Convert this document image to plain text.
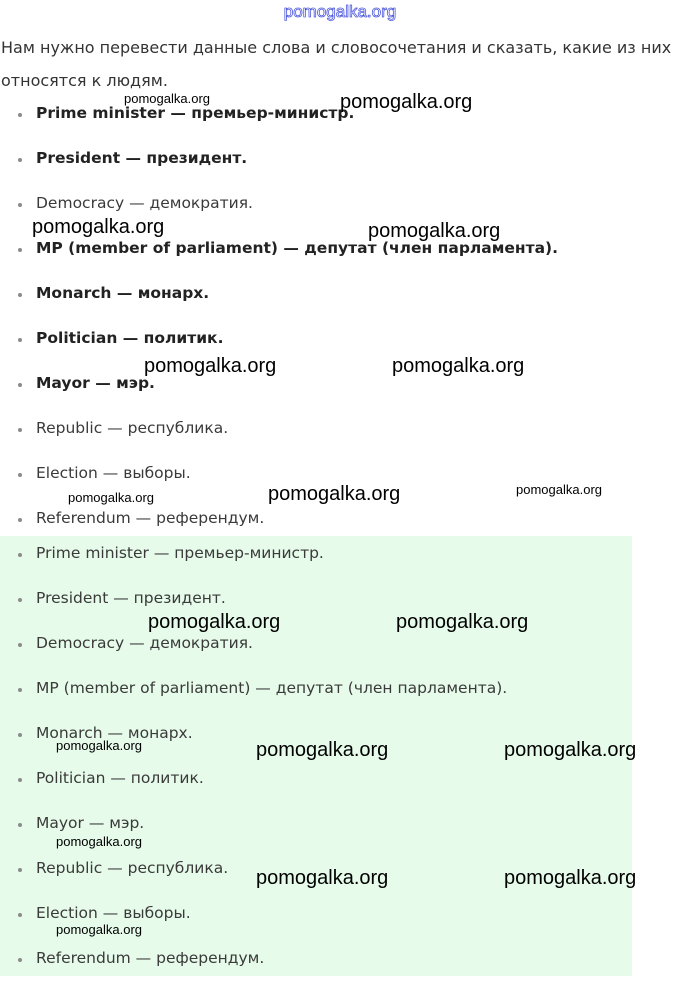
pomogalka.org
Нам нужно перевести данные слова и словосочетания и сказать, какие из них относятся к людям.
Prime minister — премьер-министр.
President — президент.
Democracy — демократия.
MP (member of parliament) — депутат (член парламента).
Monarch — монарх.
Politician — политик.
Mayor — мэр.
Republic — республика.
Election — выборы.
Referendum — референдум.
Prime minister — премьер-министр.
President — президент.
Democracy — демократия.
MP (member of parliament) — депутат (член парламента).
Monarch — монарх.
Politician — политик.
Mayor — мэр.
Republic — республика.
Election — выборы.
Referendum — референдум.
pomogalka.org	pomogalka.org
pomogalka.org	pomogalka.org
pomogalka.org	pomogalka.org
pomogalka.org	pomogalka.org	pomogalka.org
pomogalka.org	pomogalka.org
pomogalka.org	pomogalka.org	pomogalka.org
pomogalka.org
pomogalka.org	pomogalka.org
pomogalka.org
